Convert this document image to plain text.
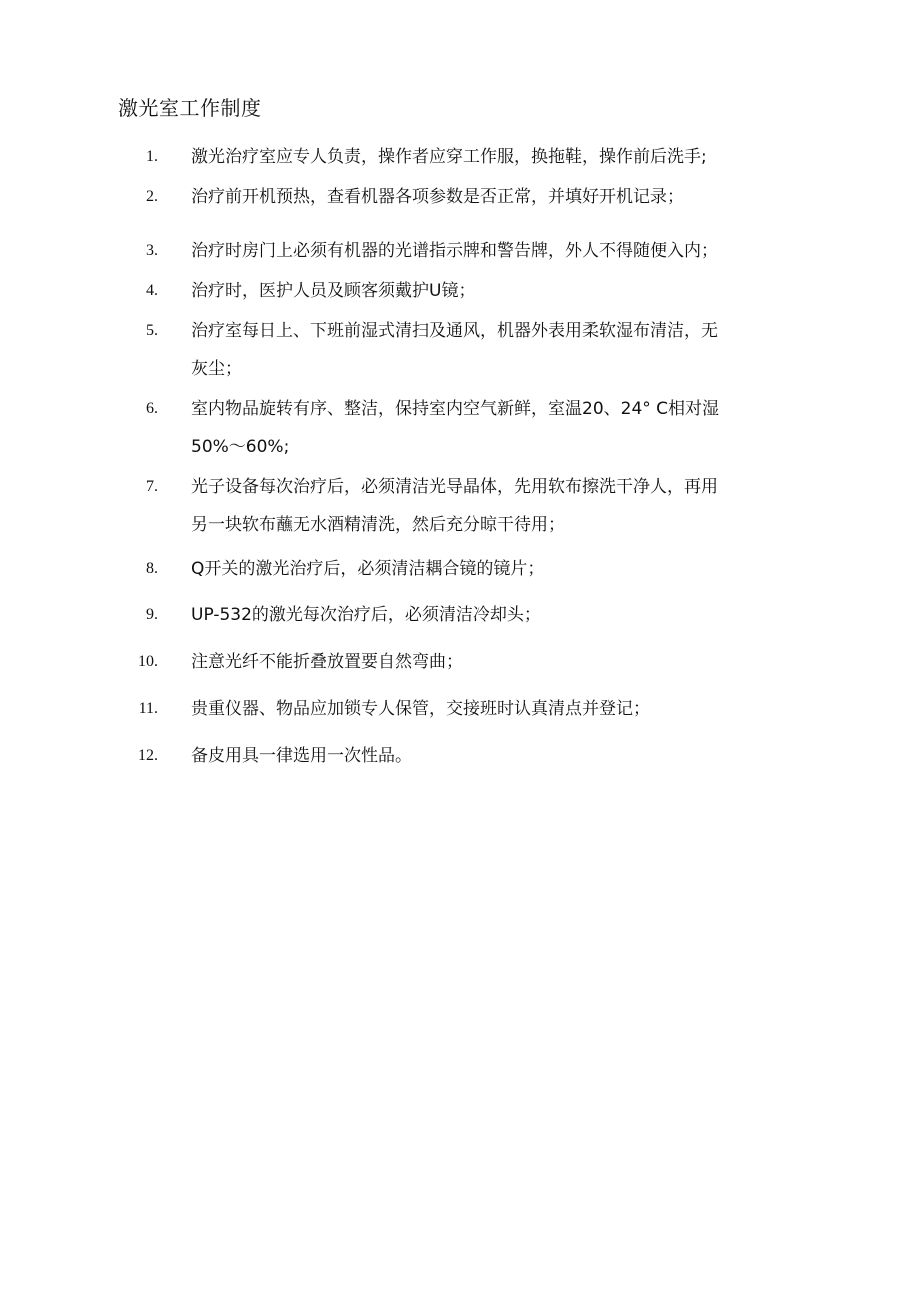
激光室工作制度
1. 激光治疗室应专人负责，操作者应穿工作服，换拖鞋，操作前后洗手;
2. 治疗前开机预热，查看机器各项参数是否正常，并填好开机记录；
3. 治疗时房门上必须有机器的光谱指示牌和警告牌，外人不得随便入内；
4. 治疗时，医护人员及顾客须戴护U镜；
5. 治疗室每日上、下班前湿式清扫及通风，机器外表用柔软湿布清洁，无
灰尘；
6. 室内物品旋转有序、整洁，保持室内空气新鲜，室温20、24° C相对湿
50%～60%;
7. 光子设备每次治疗后，必须清洁光导晶体，先用软布擦洗干净人，再用
另一块软布蘸无水酒精清洗，然后充分晾干待用；
8. Q开关的激光治疗后，必须清洁耦合镜的镜片；
9. UP-532的激光每次治疗后，必须清洁冷却头；
10. 注意光纤不能折叠放置要自然弯曲；
11. 贵重仪器、物品应加锁专人保管，交接班时认真清点并登记；
12. 备皮用具一律选用一次性品。
